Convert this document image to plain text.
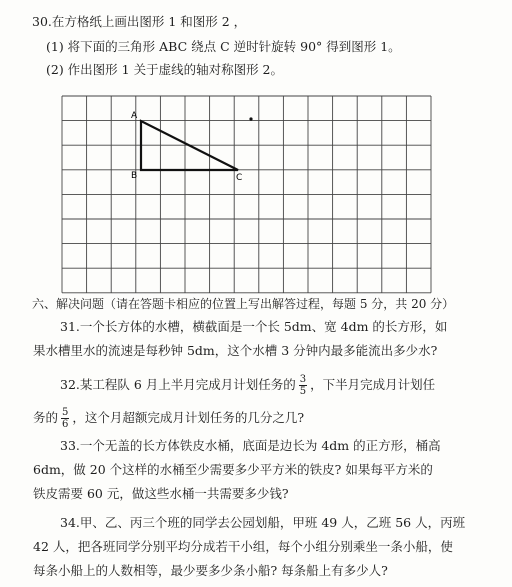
30.在方格纸上画出图形 1 和图形 2 ，
(1) 将下面的三角形 ABC 绕点 C 逆时针旋转 90° 得到图形 1。
(2) 作出图形 1 关于虚线的轴对称图形 2。
A
B	C
六、解决问题（请在答题卡相应的位置上写出解答过程，每题 5 分，共 20 分）
31.一个长方体的水槽，横截面是一个长 5dm、宽 4dm 的长方形，如
果水槽里水的流速是每秒钟 5dm，这个水槽 3 分钟内最多能流出多少水?
32.某工程队 6 月上半月完成月计划任务的 $\frac{3}{5}$ ，下半月完成月计划任
务的 $\frac{5}{6}$ ，这个月超额完成月计划任务的几分之几?
33.一个无盖的长方体铁皮水桶，底面是边长为 4dm 的正方形，桶高
6dm，做 20 个这样的水桶至少需要多少平方米的铁皮? 如果每平方米的
铁皮需要 60 元，做这些水桶一共需要多少钱?
34.甲、乙、丙三个班的同学去公园划船，甲班 49 人，乙班 56 人，丙班
42 人，把各班同学分别平均分成若干小组，每个小组分别乘坐一条小船，使
每条小船上的人数相等，最少要多少条小船? 每条船上有多少人?
